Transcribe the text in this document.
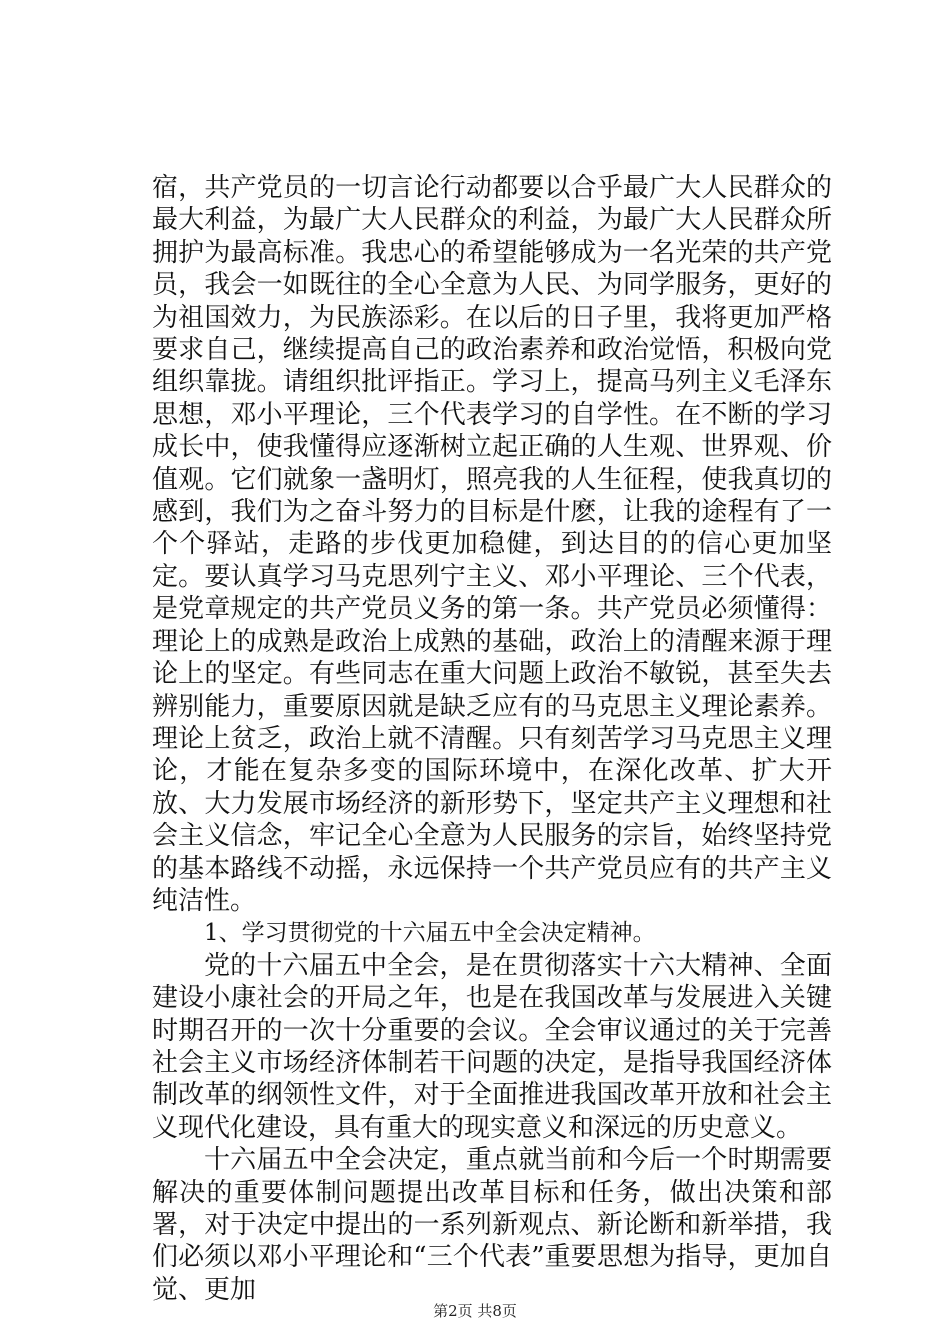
宿，共产党员的一切言论行动都要以合乎最广大人民群众的最大利益，为最广大人民群众的利益，为最广大人民群众所拥护为最高标准。我忠心的希望能够成为一名光荣的共产党员，我会一如既往的全心全意为人民、为同学服务，更好的为祖国效力，为民族添彩。在以后的日子里，我将更加严格要求自己，继续提高自己的政治素养和政治觉悟，积极向党组织靠拢。请组织批评指正。学习上，提高马列主义毛泽东思想，邓小平理论，三个代表学习的自学性。在不断的学习成长中，使我懂得应逐渐树立起正确的人生观、世界观、价值观。它们就象一盏明灯，照亮我的人生征程，使我真切的感到，我们为之奋斗努力的目标是什麽，让我的途程有了一个个驿站，走路的步伐更加稳健，到达目的的信心更加坚定。要认真学习马克思列宁主义、邓小平理论、三个代表，是党章规定的共产党员义务的第一条。共产党员必须懂得：理论上的成熟是政治上成熟的基础，政治上的清醒来源于理论上的坚定。有些同志在重大问题上政治不敏锐，甚至失去辨别能力，重要原因就是缺乏应有的马克思主义理论素养。理论上贫乏，政治上就不清醒。只有刻苦学习马克思主义理论，才能在复杂多变的国际环境中，在深化改革、扩大开放、大力发展市场经济的新形势下，坚定共产主义理想和社会主义信念，牢记全心全意为人民服务的宗旨，始终坚持党的基本路线不动摇，永远保持一个共产党员应有的共产主义纯洁性。

1、学习贯彻党的十六届五中全会决定精神。

党的十六届五中全会，是在贯彻落实十六大精神、全面建设小康社会的开局之年，也是在我国改革与发展进入关键时期召开的一次十分重要的会议。全会审议通过的关于完善社会主义市场经济体制若干问题的决定，是指导我国经济体制改革的纲领性文件，对于全面推进我国改革开放和社会主义现代化建设，具有重大的现实意义和深远的历史意义。

十六届五中全会决定，重点就当前和今后一个时期需要解决的重要体制问题提出改革目标和任务，做出决策和部署，对于决定中提出的一系列新观点、新论断和新举措，我们必须以邓小平理论和“三个代表”重要思想为指导，更加自觉、更加

第2页 共8页
